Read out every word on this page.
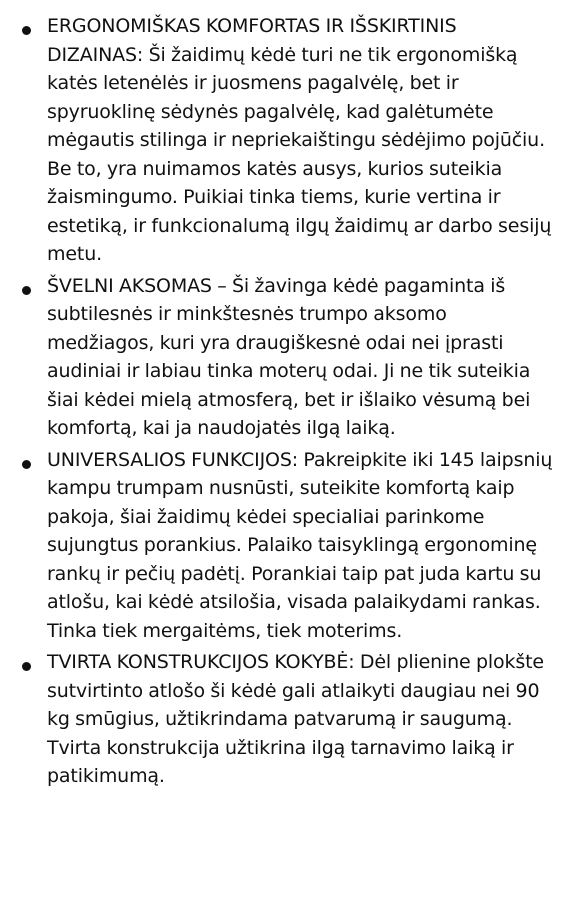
ERGONOMIŠKAS KOMFORTAS IR IŠSKIRTINIS DIZAINAS: Ši žaidimų kėdė turi ne tik ergonomišką katės letenėlės ir juosmens pagalvėlę, bet ir spyruoklinę sėdynės pagalvėlę, kad galėtumėte mėgautis stilinga ir nepriekaištingu sėdėjimo pojūčiu. Be to, yra nuimamos katės ausys, kurios suteikia žaismingumo. Puikiai tinka tiems, kurie vertina ir estetiką, ir funkcionalumą ilgų žaidimų ar darbo sesijų metu.
ŠVELNI AKSOMAS – Ši žavinga kėdė pagaminta iš subtilesnės ir minkštesnės trumpo aksomo medžiagos, kuri yra draugiškesnė odai nei įprasti audiniai ir labiau tinka moterų odai. Ji ne tik suteikia šiai kėdei mielą atmosferą, bet ir išlaiko vėsumą bei komfortą, kai ja naudojatės ilgą laiką.
UNIVERSALIOS FUNKCIJOS: Pakreipkite iki 145 laipsnių kampu trumpam nusnūsti, suteikite komfortą kaip pakoja, šiai žaidimų kėdei specialiai parinkome sujungtus porankius. Palaiko taisyklingą ergonominę rankų ir pečių padėtį. Porankiai taip pat juda kartu su atlošu, kai kėdė atsilošia, visada palaikydami rankas. Tinka tiek mergaitėms, tiek moterims.
TVIRTA KONSTRUKCIJOS KOKYBĖ: Dėl plienine plokšte sutvirtinto atlošo ši kėdė gali atlaikyti daugiau nei 90 kg smūgius, užtikrindama patvarumą ir saugumą. Tvirta konstrukcija užtikrina ilgą tarnavimo laiką ir patikimumą.
